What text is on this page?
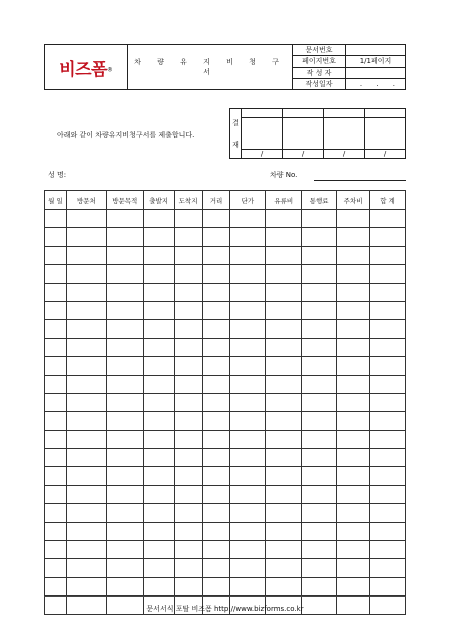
비즈폼®	차 량 유 지 비 청 구 서	문서번호	
		페이지번호	1/1페이지
		작 성 자	
		작성일자	. . .
결
재				

	/	/	/	/
아래와 같이 차량유지비청구서를 제출합니다.
성 명:	차량 No.
월 일	방문처	방문목적	출발지	도착지	거리	단가	유류비	통행료	주차비	합 계

문서서식 포탈 비즈폼 http://www.bizforms.co.kr
